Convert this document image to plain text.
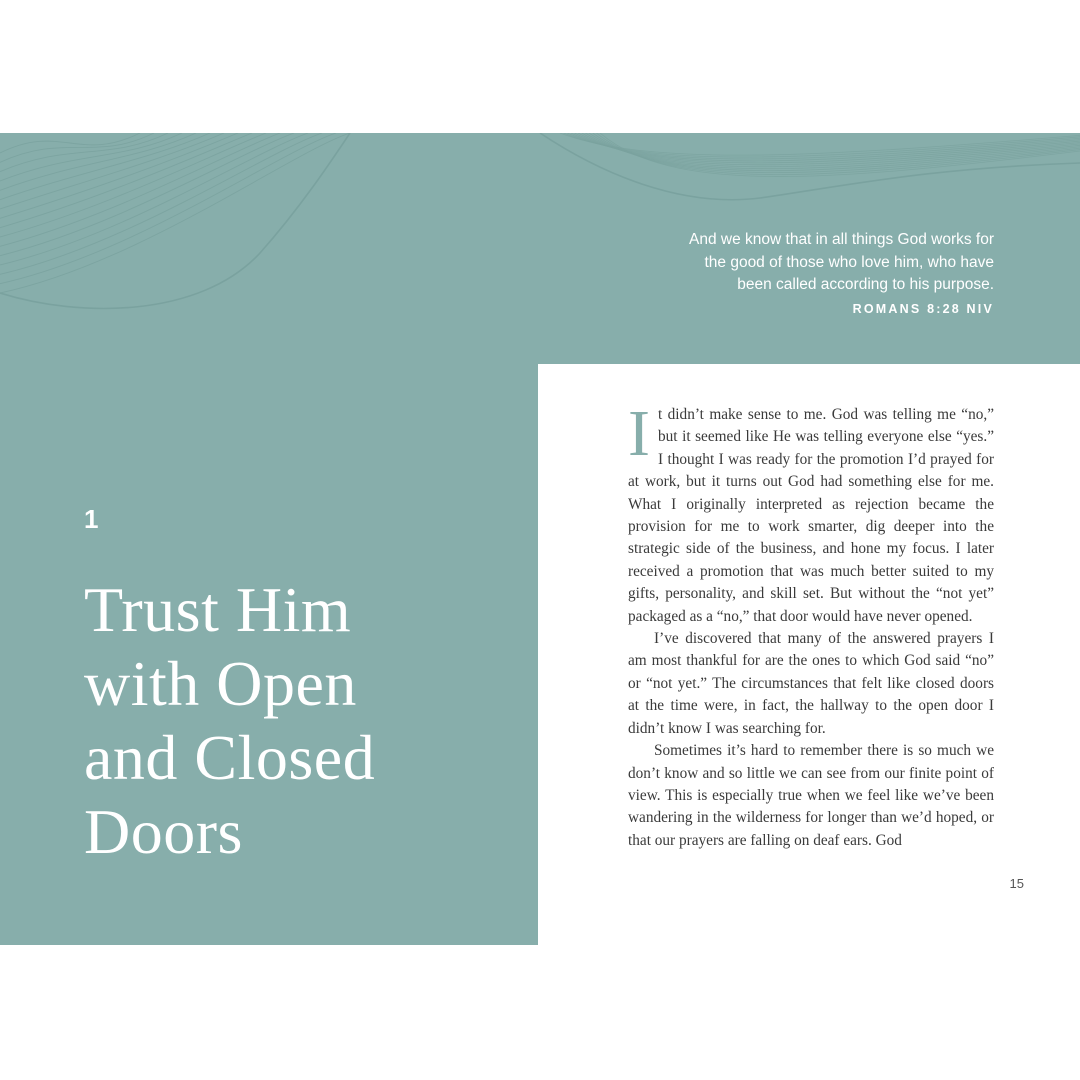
And we know that in all things God works for
the good of those who love him, who have
been called according to his purpose.

ROMANS 8:28 NIV

1
Trust Him
with Open
and Closed
Doors

It didn’t make sense to me. God was telling me “no,” but it seemed like He was telling everyone else “yes.” I thought I was ready for the promotion I’d prayed for at work, but it turns out God had something else for me. What I originally interpreted as rejection became the provision for me to work smarter, dig deeper into the strategic side of the business, and hone my focus. I later received a promotion that was much better suited to my gifts, personality, and skill set. But without the “not yet” packaged as a “no,” that door would have never opened.

I’ve discovered that many of the answered prayers I am most thankful for are the ones to which God said “no” or “not yet.” The circumstances that felt like closed doors at the time were, in fact, the hallway to the open door I didn’t know I was searching for.

Sometimes it’s hard to remember there is so much we don’t know and so little we can see from our finite point of view. This is especially true when we feel like we’ve been wandering in the wilderness for longer than we’d hoped, or that our prayers are falling on deaf ears. God

15
